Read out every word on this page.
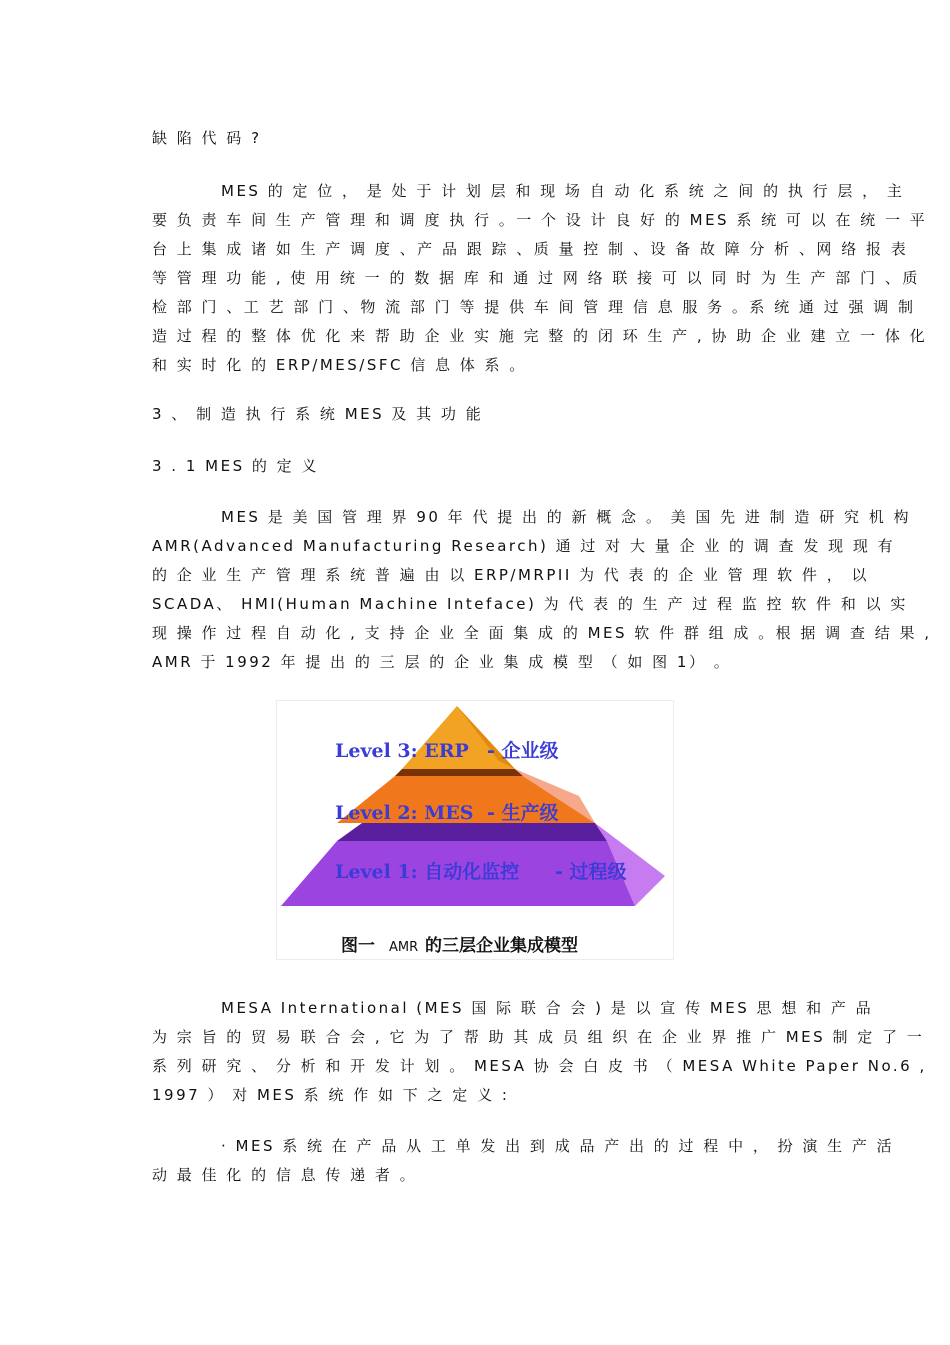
缺 陷 代 码 ?
MES 的 定 位 ， 是 处 于 计 划 层 和 现 场 自 动 化 系 统 之 间 的 执 行 层 ， 主
要 负 责 车 间 生 产 管 理 和 调 度 执 行 。一 个 设 计 良 好 的 MES 系 统 可 以 在 统 一 平
台 上 集 成 诸 如 生 产 调 度 、产 品 跟 踪 、质 量 控 制 、设 备 故 障 分 析 、网 络 报 表
等 管 理 功 能 , 使 用 统 一 的 数 据 库 和 通 过 网 络 联 接 可 以 同 时 为 生 产 部 门 、质
检 部 门 、工 艺 部 门 、物 流 部 门 等 提 供 车 间 管 理 信 息 服 务 。系 统 通 过 强 调 制
造 过 程 的 整 体 优 化 来 帮 助 企 业 实 施 完 整 的 闭 环 生 产 , 协 助 企 业 建 立 一 体 化
和 实 时 化 的 ERP/MES/SFC 信 息 体 系 。
3 、 制 造 执 行 系 统 MES 及 其 功 能
3 . 1 MES 的 定 义
MES 是 美 国 管 理 界 90 年 代 提 出 的 新 概 念 。 美 国 先 进 制 造 研 究 机 构
AMR(Advanced Manufacturing Research) 通 过 对 大 量 企 业 的 调 查 发 现 现 有
的 企 业 生 产 管 理 系 统 普 遍 由 以 ERP/MRPII 为 代 表 的 企 业 管 理 软 件 ， 以
SCADA、 HMI(Human Machine Inteface) 为 代 表 的 生 产 过 程 监 控 软 件 和 以 实
现 操 作 过 程 自 动 化 , 支 持 企 业 全 面 集 成 的 MES 软 件 群 组 成 。根 据 调 查 结 果 ,
AMR 于 1992 年 提 出 的 三 层 的 企 业 集 成 模 型 （ 如 图 1） 。
Level 3: ERP - 企业级
Level 2: MES - 生产级
Level 1: 自动化监控 - 过程级
图一 AMR 的三层企业集成模型
MESA International (MES 国 际 联 合 会 ) 是 以 宣 传 MES 思 想 和 产 品
为 宗 旨 的 贸 易 联 合 会 , 它 为 了 帮 助 其 成 员 组 织 在 企 业 界 推 广 MES 制 定 了 一
系 列 研 究 、 分 析 和 开 发 计 划 。 MESA 协 会 白 皮 书 （ MESA White Paper No.6 ,
1997 ） 对 MES 系 统 作 如 下 之 定 义 :
· MES 系 统 在 产 品 从 工 单 发 出 到 成 品 产 出 的 过 程 中 ， 扮 演 生 产 活
动 最 佳 化 的 信 息 传 递 者 。
